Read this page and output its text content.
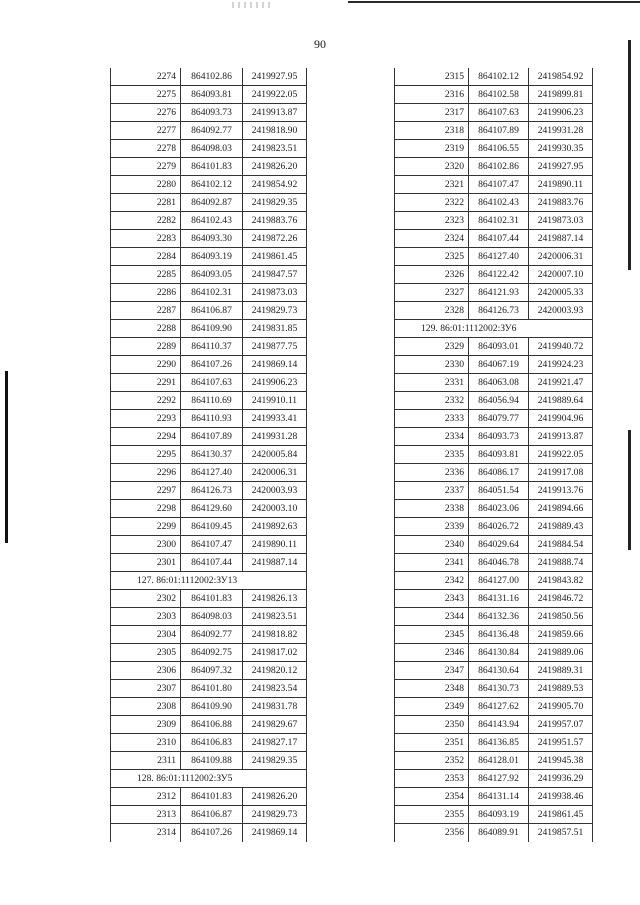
90
2274	864102.86	2419927.95
2275	864093.81	2419922.05
2276	864093.73	2419913.87
2277	864092.77	2419818.90
2278	864098.03	2419823.51
2279	864101.83	2419826.20
2280	864102.12	2419854.92
2281	864092.87	2419829.35
2282	864102.43	2419883.76
2283	864093.30	2419872.26
2284	864093.19	2419861.45
2285	864093.05	2419847.57
2286	864102.31	2419873.03
2287	864106.87	2419829.73
2288	864109.90	2419831.85
2289	864110.37	2419877.75
2290	864107.26	2419869.14
2291	864107.63	2419906.23
2292	864110.69	2419910.11
2293	864110.93	2419933.41
2294	864107.89	2419931.28
2295	864130.37	2420005.84
2296	864127.40	2420006.31
2297	864126.73	2420003.93
2298	864129.60	2420003.10
2299	864109.45	2419892.63
2300	864107.47	2419890.11
2301	864107.44	2419887.14
127. 86:01:1112002:ЗУ13		
2302	864101.83	2419826.13
2303	864098.03	2419823.51
2304	864092.77	2419818.82
2305	864092.75	2419817.02
2306	864097.32	2419820.12
2307	864101.80	2419823.54
2308	864109.90	2419831.78
2309	864106.88	2419829.67
2310	864106.83	2419827.17
2311	864109.88	2419829.35
128. 86:01:1112002:ЗУ5		
2312	864101.83	2419826.20
2313	864106.87	2419829.73
2314	864107.26	2419869.14
2315	864102.12	2419854.92
2316	864102.58	2419899.81
2317	864107.63	2419906.23
2318	864107.89	2419931.28
2319	864106.55	2419930.35
2320	864102.86	2419927.95
2321	864107.47	2419890.11
2322	864102.43	2419883.76
2323	864102.31	2419873.03
2324	864107.44	2419887.14
2325	864127.40	2420006.31
2326	864122.42	2420007.10
2327	864121.93	2420005.33
2328	864126.73	2420003.93
129. 86:01:1112002:ЗУ6		
2329	864093.01	2419940.72
2330	864067.19	2419924.23
2331	864063.08	2419921.47
2332	864056.94	2419889.64
2333	864079.77	2419904.96
2334	864093.73	2419913.87
2335	864093.81	2419922.05
2336	864086.17	2419917.08
2337	864051.54	2419913.76
2338	864023.06	2419894.66
2339	864026.72	2419889.43
2340	864029.64	2419884.54
2341	864046.78	2419888.74
2342	864127.00	2419843.82
2343	864131.16	2419846.72
2344	864132.36	2419850.56
2345	864136.48	2419859.66
2346	864130.84	2419889.06
2347	864130.64	2419889.31
2348	864130.73	2419889.53
2349	864127.62	2419905.70
2350	864143.94	2419957.07
2351	864136.85	2419951.57
2352	864128.01	2419945.38
2353	864127.92	2419936.29
2354	864131.14	2419938.46
2355	864093.19	2419861.45
2356	864089.91	2419857.51
